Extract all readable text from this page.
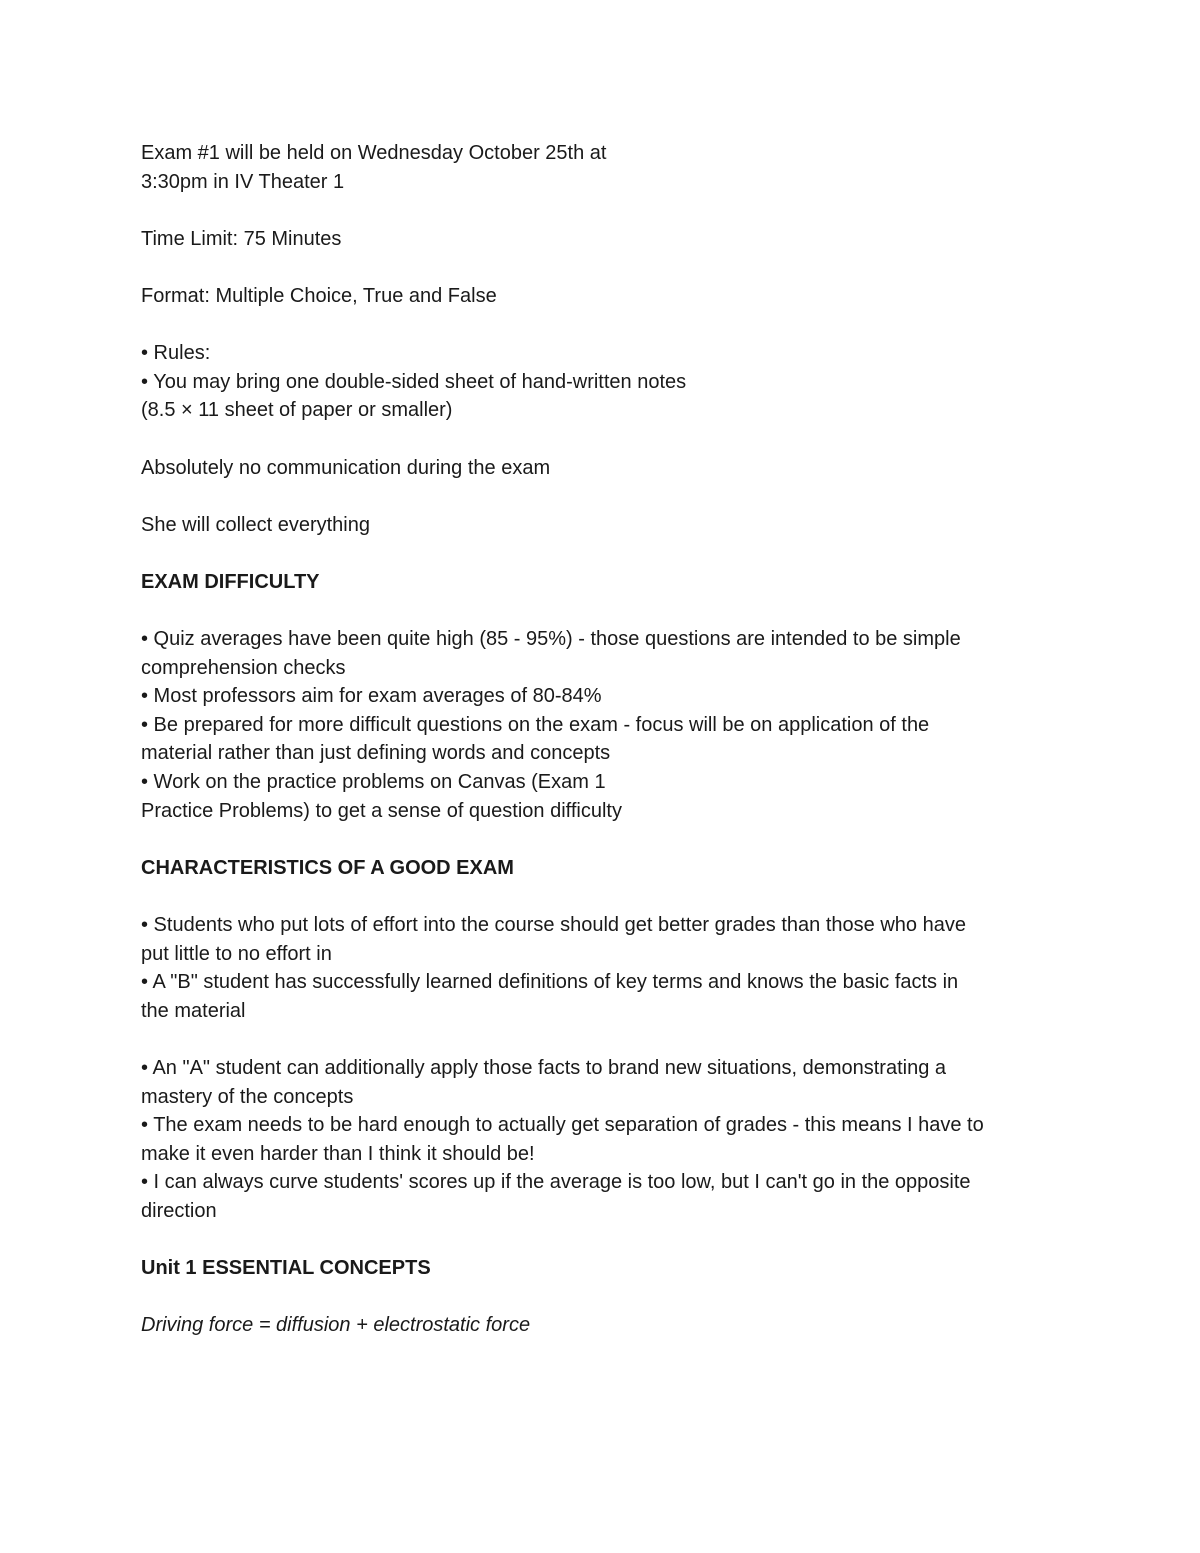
Exam #1 will be held on Wednesday October 25th at
3:30pm in IV Theater 1
Time Limit: 75 Minutes
Format: Multiple Choice, True and False
• Rules:
• You may bring one double-sided sheet of hand-written notes
(8.5 × 11 sheet of paper or smaller)
Absolutely no communication during the exam
She will collect everything
EXAM DIFFICULTY
• Quiz averages have been quite high (85 - 95%) - those questions are intended to be simple
comprehension checks
• Most professors aim for exam averages of 80-84%
• Be prepared for more difficult questions on the exam - focus will be on application of the
material rather than just defining words and concepts
• Work on the practice problems on Canvas (Exam 1
Practice Problems) to get a sense of question difficulty
CHARACTERISTICS OF A GOOD EXAM
• Students who put lots of effort into the course should get better grades than those who have
put little to no effort in
• A "B" student has successfully learned definitions of key terms and knows the basic facts in
the material
• An "A" student can additionally apply those facts to brand new situations, demonstrating a
mastery of the concepts
• The exam needs to be hard enough to actually get separation of grades - this means I have to
make it even harder than I think it should be!
• I can always curve students' scores up if the average is too low, but I can't go in the opposite
direction
Unit 1 ESSENTIAL CONCEPTS
Driving force = diffusion + electrostatic force
